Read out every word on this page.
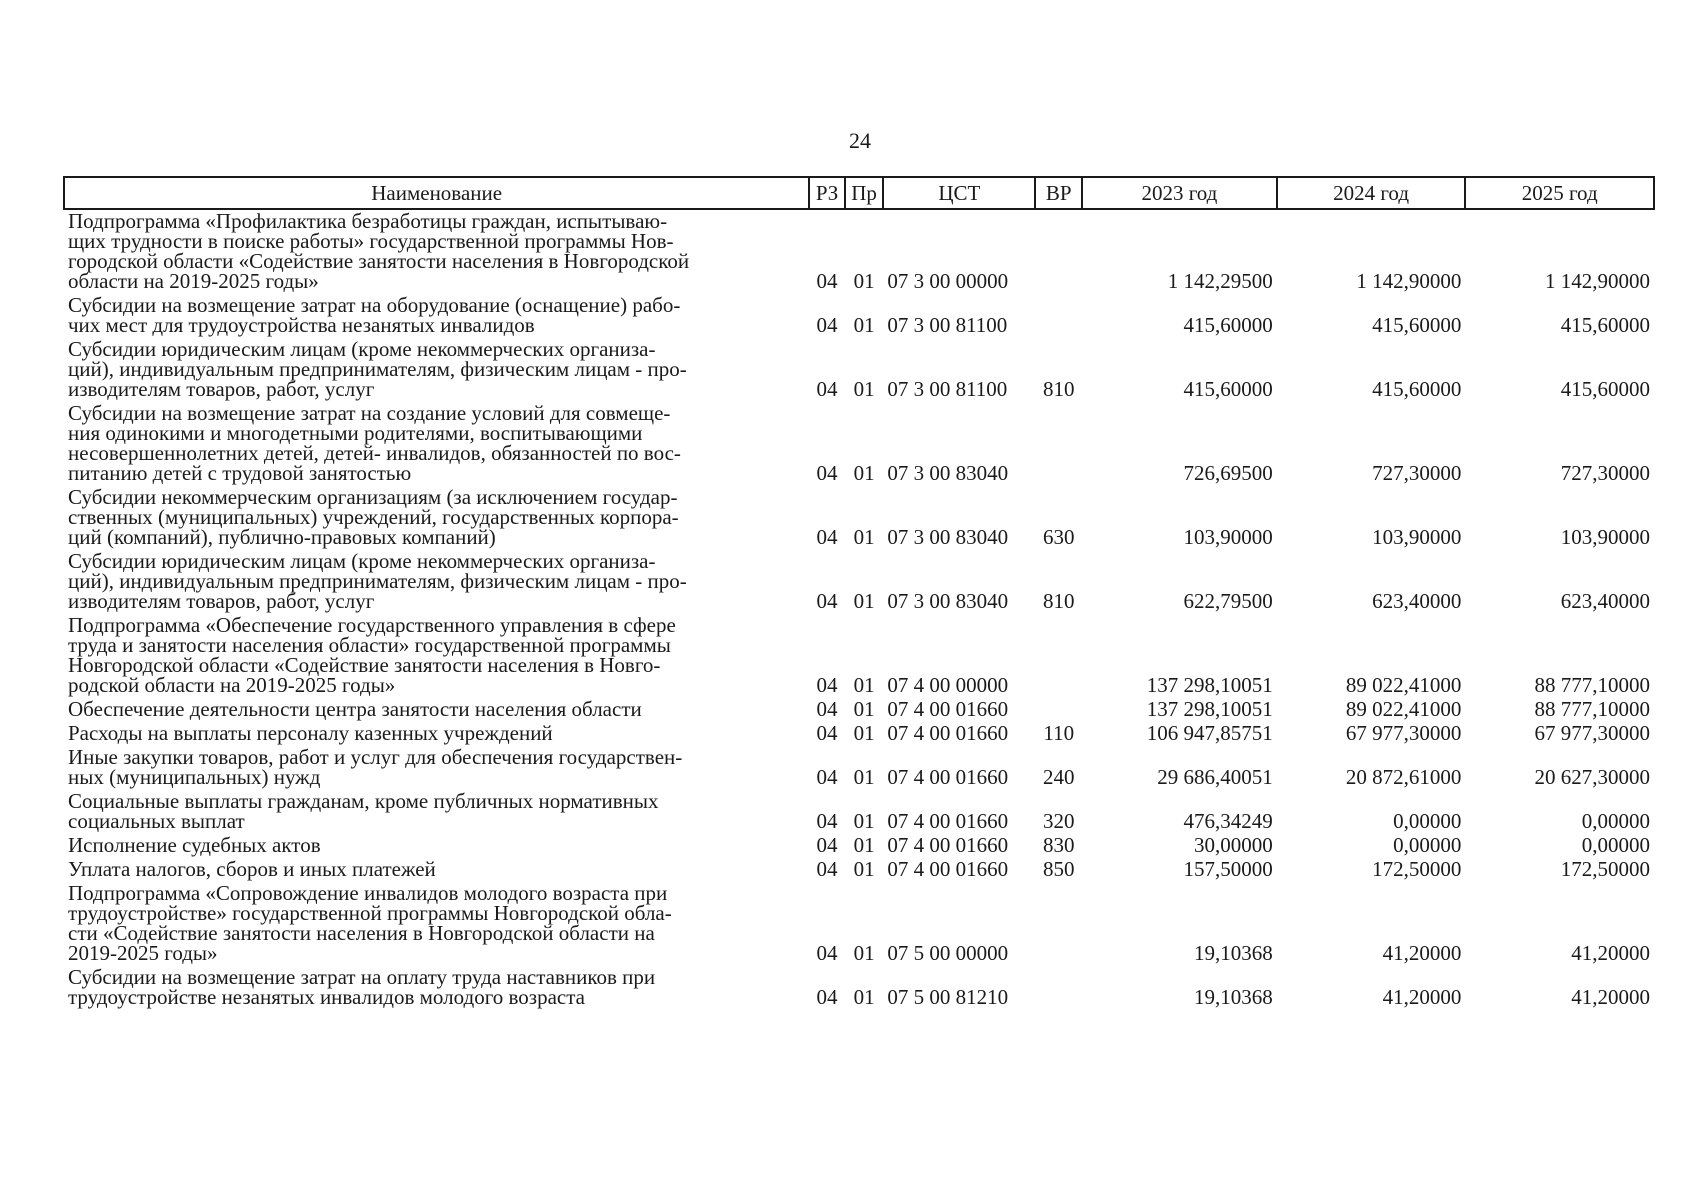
24
Наименование	РЗ	Пр	ЦСТ	ВР	2023 год	2024 год	2025 год
Подпрограмма «Профилактика безработицы граждан, испытываю-
щих трудности в поиске работы» государственной программы Нов-
городской области «Содействие занятости населения в Новгородской
области на 2019-2025 годы»	04	01	07 3 00 00000		1 142,29500	1 142,90000	1 142,90000
Субсидии на возмещение затрат на оборудование (оснащение) рабо-
чих мест для трудоустройства незанятых инвалидов	04	01	07 3 00 81100		415,60000	415,60000	415,60000
Субсидии юридическим лицам (кроме некоммерческих организа-
ций), индивидуальным предпринимателям, физическим лицам - про-
изводителям товаров, работ, услуг	04	01	07 3 00 81100	810	415,60000	415,60000	415,60000
Субсидии на возмещение затрат на создание условий для совмеще-
ния одинокими и многодетными родителями, воспитывающими
несовершеннолетних детей, детей- инвалидов, обязанностей по вос-
питанию детей с трудовой занятостью	04	01	07 3 00 83040		726,69500	727,30000	727,30000
Субсидии некоммерческим организациям (за исключением государ-
ственных (муниципальных) учреждений, государственных корпора-
ций (компаний), публично-правовых компаний)	04	01	07 3 00 83040	630	103,90000	103,90000	103,90000
Субсидии юридическим лицам (кроме некоммерческих организа-
ций), индивидуальным предпринимателям, физическим лицам - про-
изводителям товаров, работ, услуг	04	01	07 3 00 83040	810	622,79500	623,40000	623,40000
Подпрограмма «Обеспечение государственного управления в сфере
труда и занятости населения области» государственной программы
Новгородской области «Содействие занятости населения в Новго-
родской области на 2019-2025 годы»	04	01	07 4 00 00000		137 298,10051	89 022,41000	88 777,10000
Обеспечение деятельности центра занятости населения области	04	01	07 4 00 01660		137 298,10051	89 022,41000	88 777,10000
Расходы на выплаты персоналу казенных учреждений	04	01	07 4 00 01660	110	106 947,85751	67 977,30000	67 977,30000
Иные закупки товаров, работ и услуг для обеспечения государствен-
ных (муниципальных) нужд	04	01	07 4 00 01660	240	29 686,40051	20 872,61000	20 627,30000
Социальные выплаты гражданам, кроме публичных нормативных
социальных выплат	04	01	07 4 00 01660	320	476,34249	0,00000	0,00000
Исполнение судебных актов	04	01	07 4 00 01660	830	30,00000	0,00000	0,00000
Уплата налогов, сборов и иных платежей	04	01	07 4 00 01660	850	157,50000	172,50000	172,50000
Подпрограмма «Сопровождение инвалидов молодого возраста при
трудоустройстве» государственной программы Новгородской обла-
сти «Содействие занятости населения в Новгородской области на
2019-2025 годы»	04	01	07 5 00 00000		19,10368	41,20000	41,20000
Субсидии на возмещение затрат на оплату труда наставников при
трудоустройстве незанятых инвалидов молодого возраста	04	01	07 5 00 81210		19,10368	41,20000	41,20000
